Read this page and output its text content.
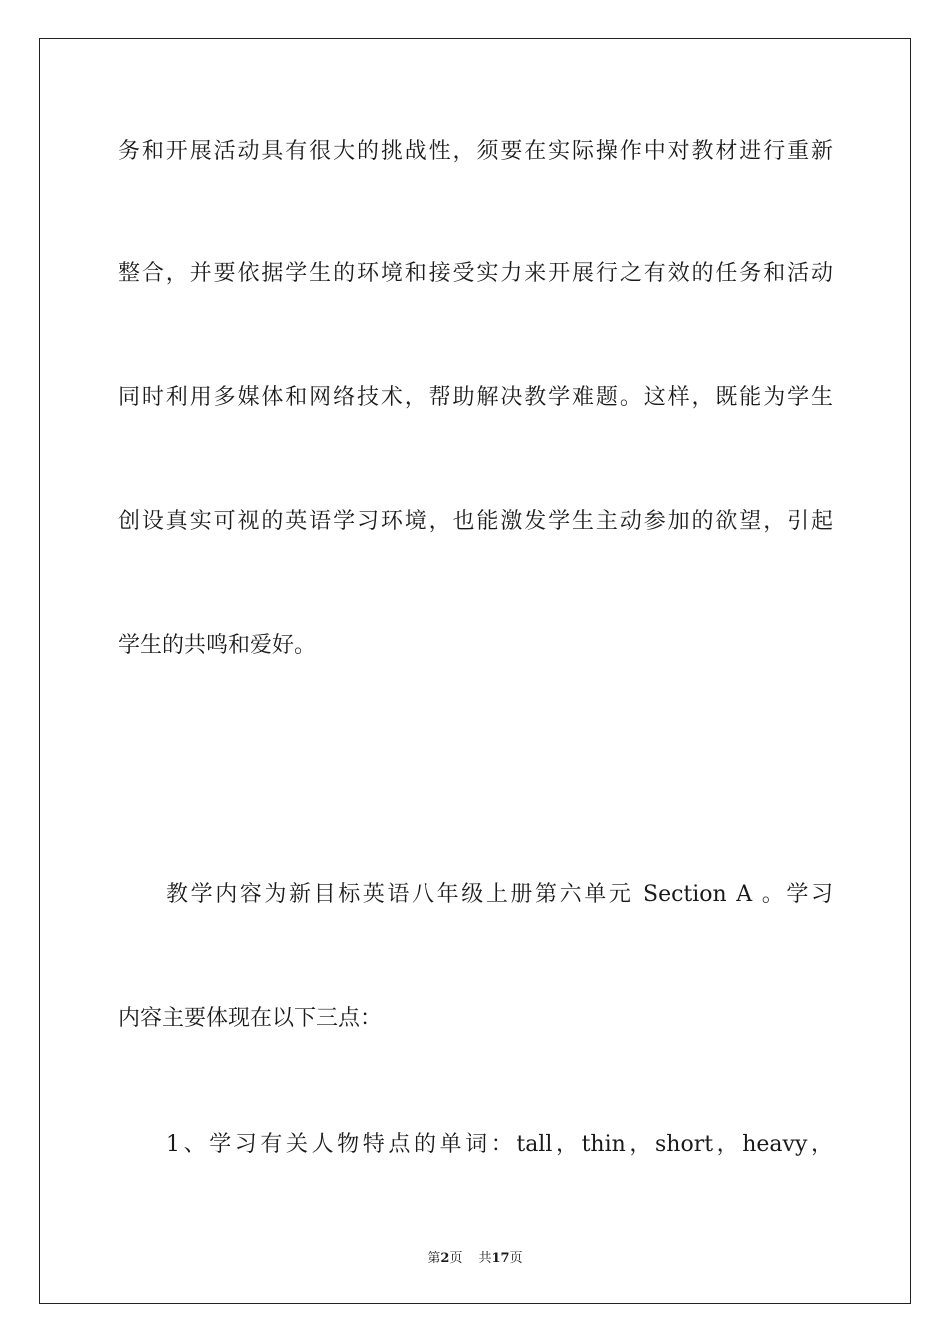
务和开展活动具有很大的挑战性，须要在实际操作中对教材进行重新
整合，并要依据学生的环境和接受实力来开展行之有效的任务和活动
同时利用多媒体和网络技术，帮助解决教学难题。这样，既能为学生
创设真实可视的英语学习环境，也能激发学生主动参加的欲望，引起
学生的共鸣和爱好。
教学内容为新目标英语八年级上册第六单元 Section A 。学习
内容主要体现在以下三点：
1、学习有关人物特点的单词：tall，thin，short，heavy，
第2页 共17页
